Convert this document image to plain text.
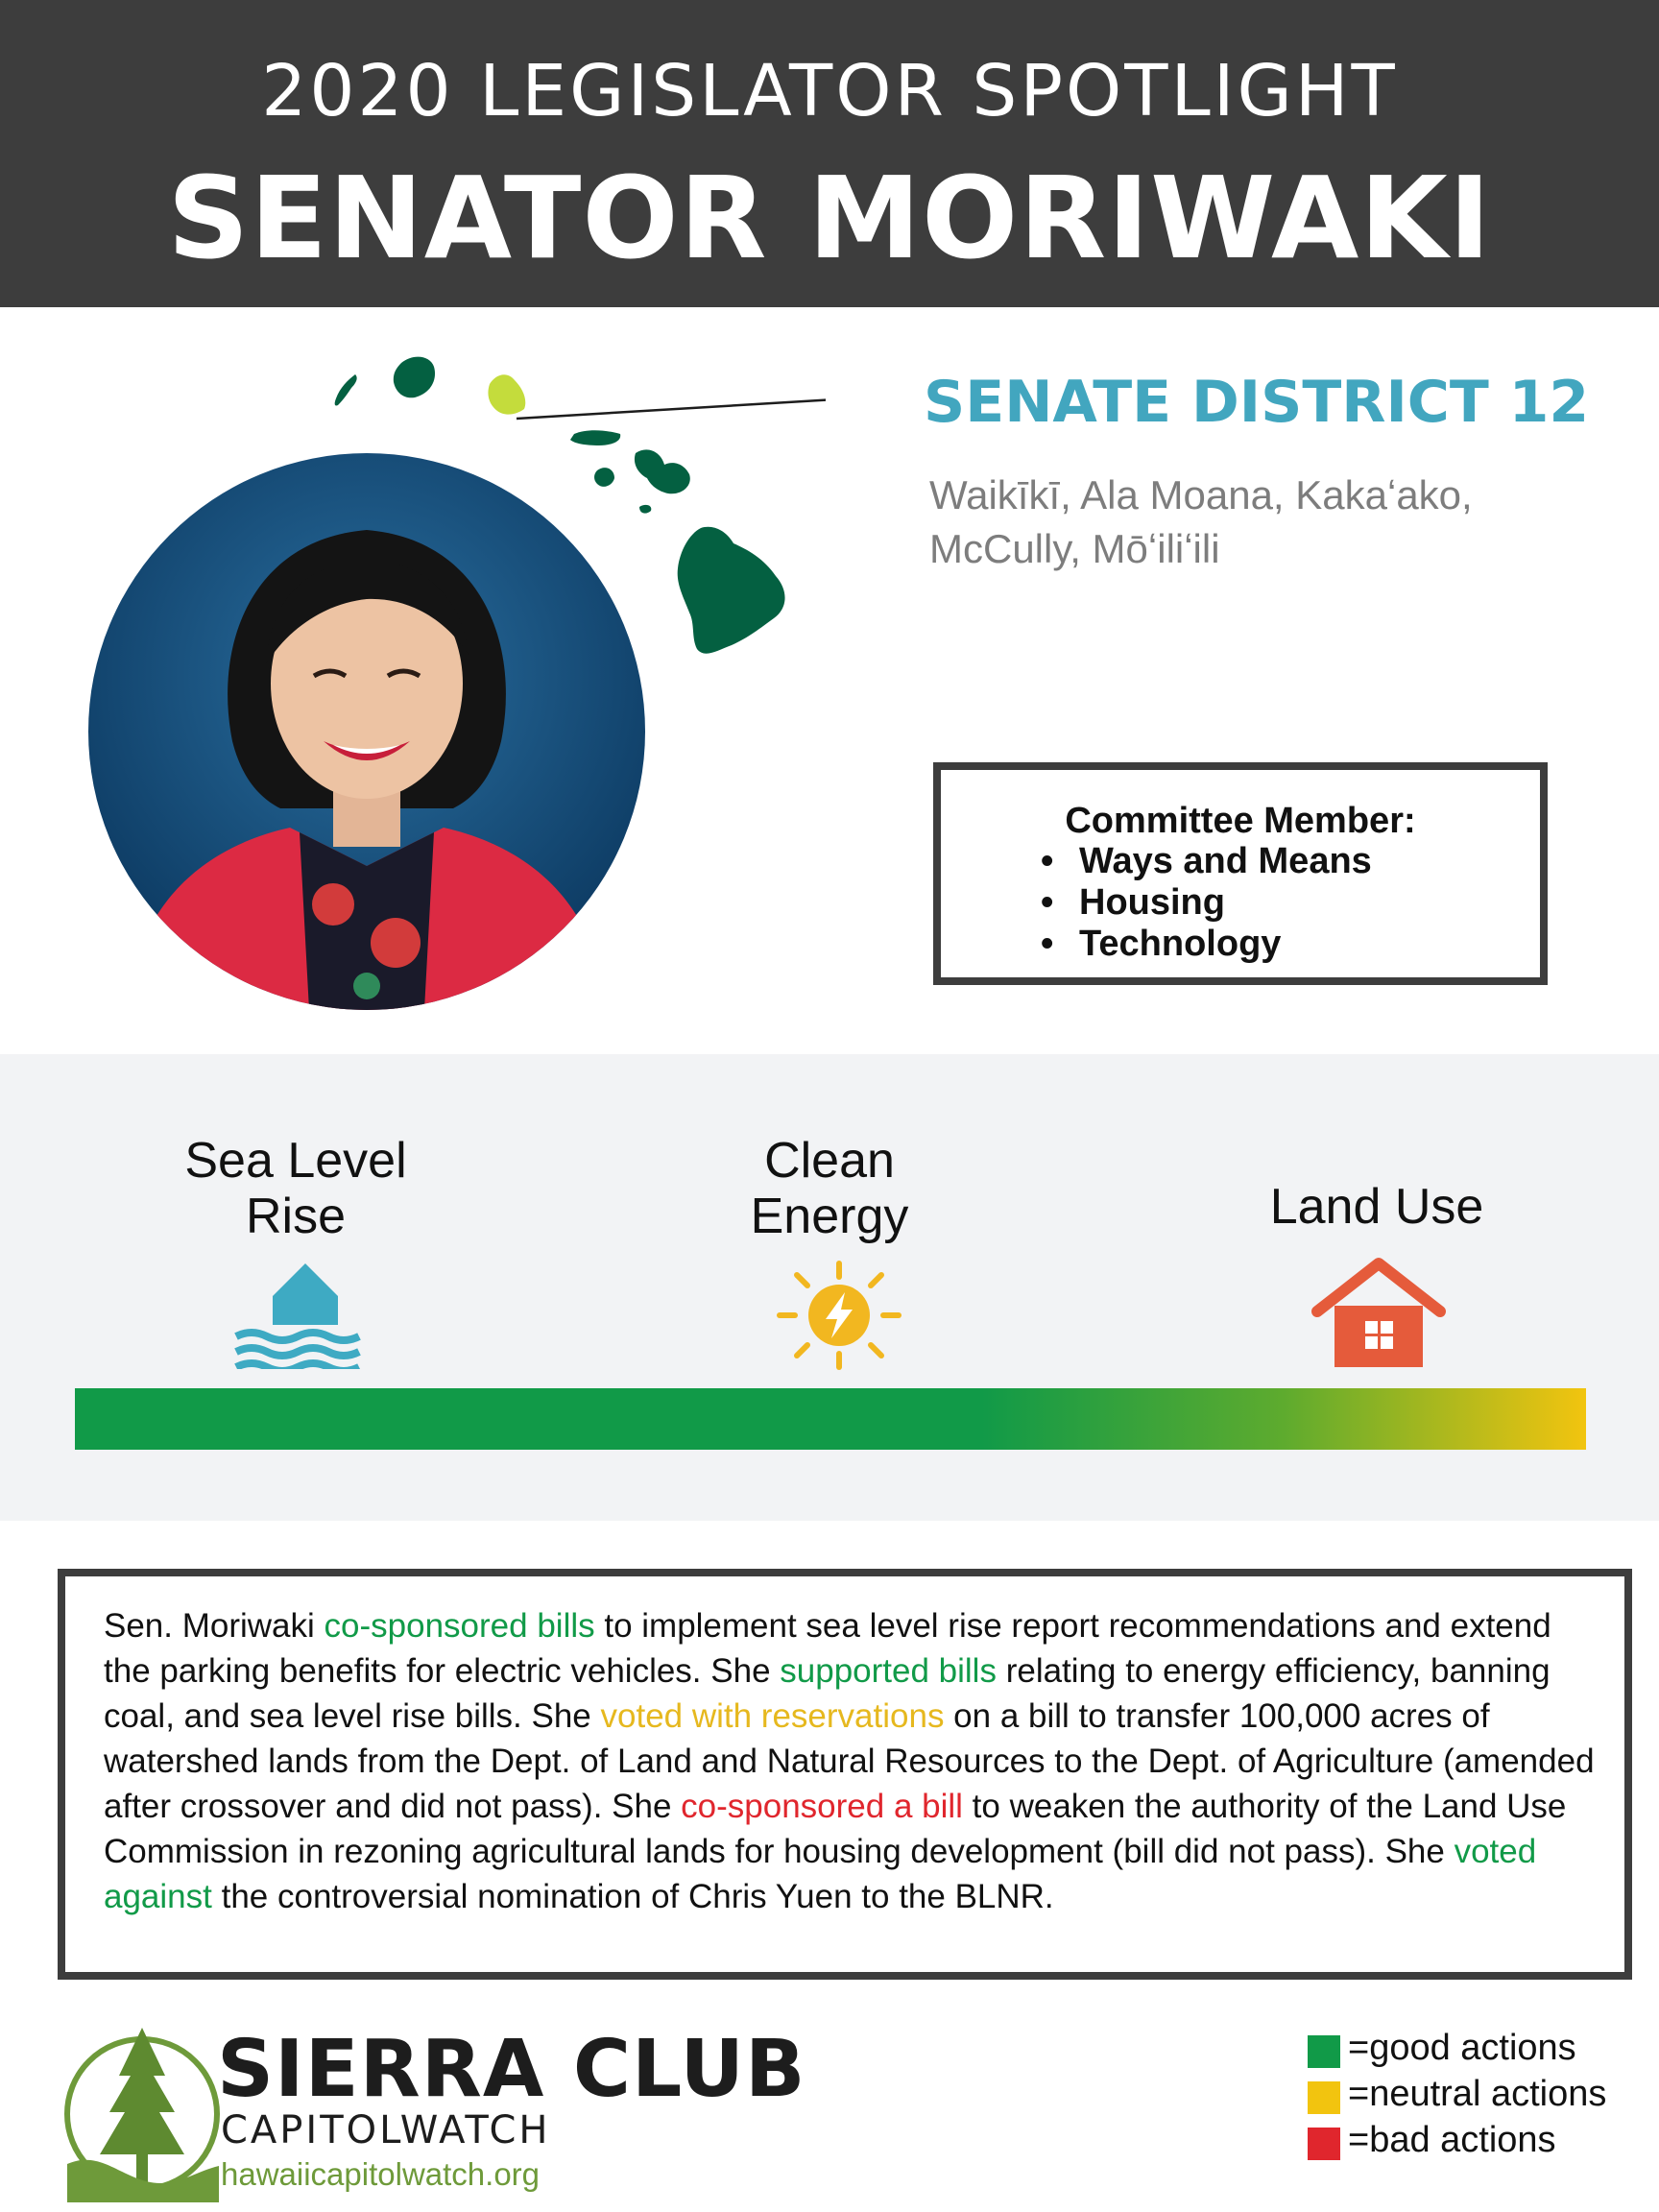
2020 LEGISLATOR SPOTLIGHT
SENATOR MORIWAKI
SENATE DISTRICT 12
Waikīkī, Ala Moana, Kakaʻako,
McCully, Mōʻiliʻili
Committee Member:
• Ways and Means
• Housing
• Technology
Sea Level
Rise
Clean
Energy	Land Use

Sen. Moriwaki co-sponsored bills to implement sea level rise report recommendations and extend the parking benefits for electric vehicles. She supported bills relating to energy efficiency, banning coal, and sea level rise bills. She voted with reservations on a bill to transfer 100,000 acres of watershed lands from the Dept. of Land and Natural Resources to the Dept. of Agriculture (amended after crossover and did not pass). She co-sponsored a bill to weaken the authority of the Land Use Commission in rezoning agricultural lands for housing development (bill did not pass). She voted against the controversial nomination of Chris Yuen to the BLNR.

SIERRA CLUB
CAPITOLWATCH
hawaiicapitolwatch.org
=good actions
=neutral actions
=bad actions
